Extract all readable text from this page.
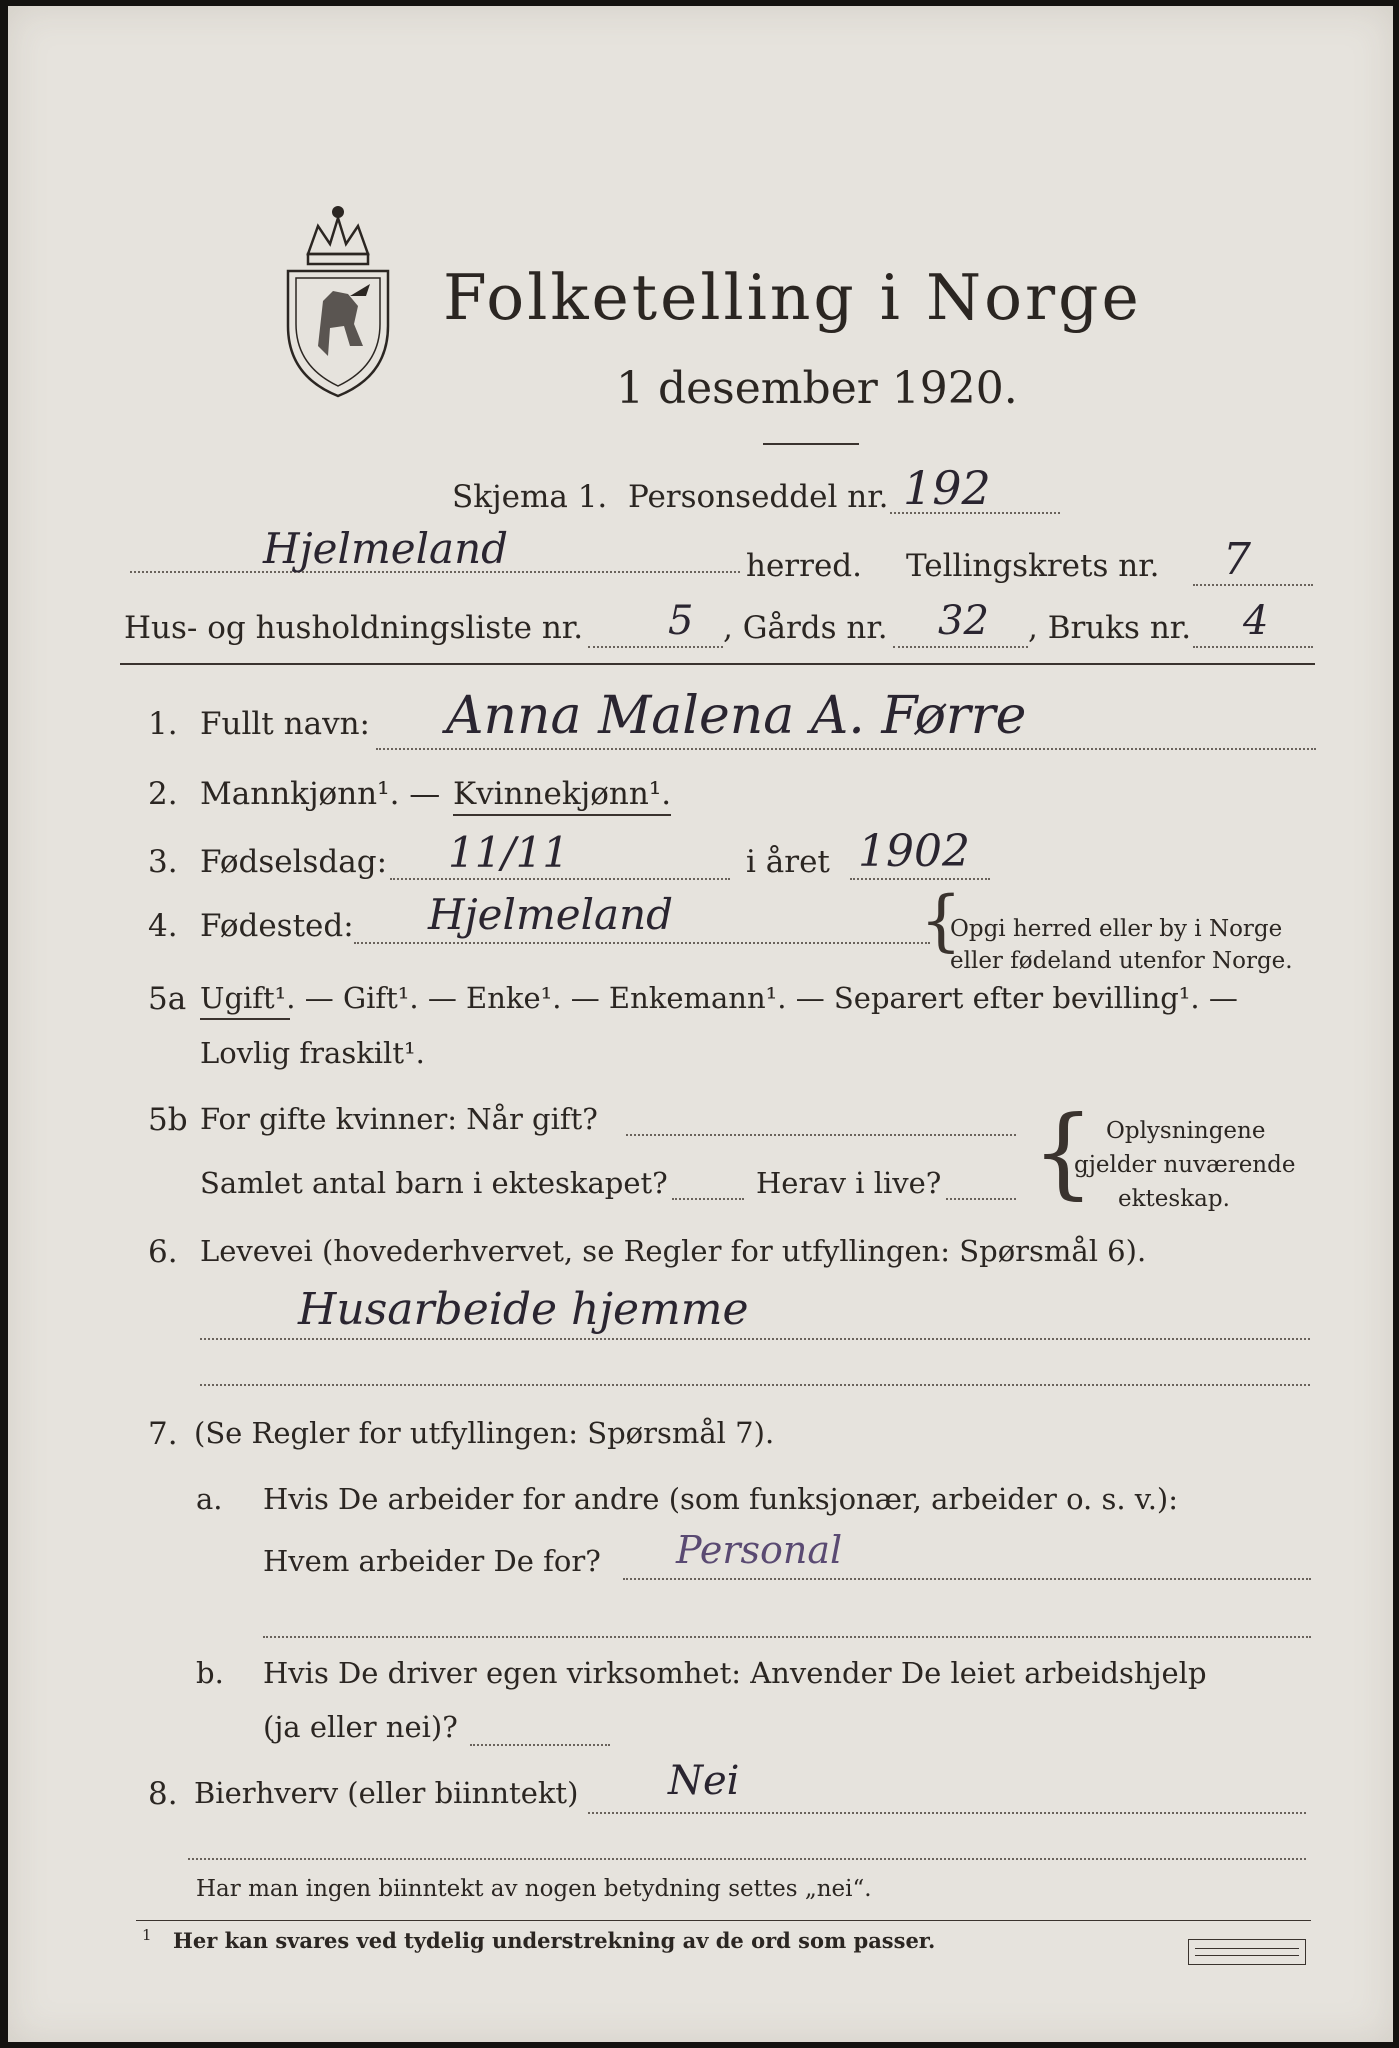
Folketelling i Norge
1 desember 1920.
Skjema 1. Personseddel nr. 192
Hjelmeland	herred. Tellingskrets nr. 7
Hus- og husholdningsliste nr. 5 , Gårds nr. 32 , Bruks nr. 4
1. Fullt navn: Anna Malena A. Førre
2. Mannkjønn¹. — Kvinnekjønn¹.
3. Fødselsdag: 11/11	i året 1902
4. Fødested: Hjelmeland	{
Opgi herred eller by i Norge
eller fødeland utenfor Norge.
5a Ugift¹. — Gift¹. — Enke¹. — Enkemann¹. — Separert efter bevilling¹. —
Lovlig fraskilt¹.
5b For gifte kvinner: Når gift?
Samlet antal barn i ekteskapet?	Herav i live? { Oplysningene
gjelder nuværende
ekteskap.
6. Levevei (hovederhvervet, se Regler for utfyllingen: Spørsmål 6).
Husarbeide hjemme
7. (Se Regler for utfyllingen: Spørsmål 7).
a. Hvis De arbeider for andre (som funksjonær, arbeider o. s. v.):
Hvem arbeider De for? Personal
b. Hvis De driver egen virksomhet: Anvender De leiet arbeidshjelp
(ja eller nei)?
8. Bierhverv (eller biinntekt) Nei
Har man ingen biinntekt av nogen betydning settes „nei“.
1 Her kan svares ved tydelig understrekning av de ord som passer.
